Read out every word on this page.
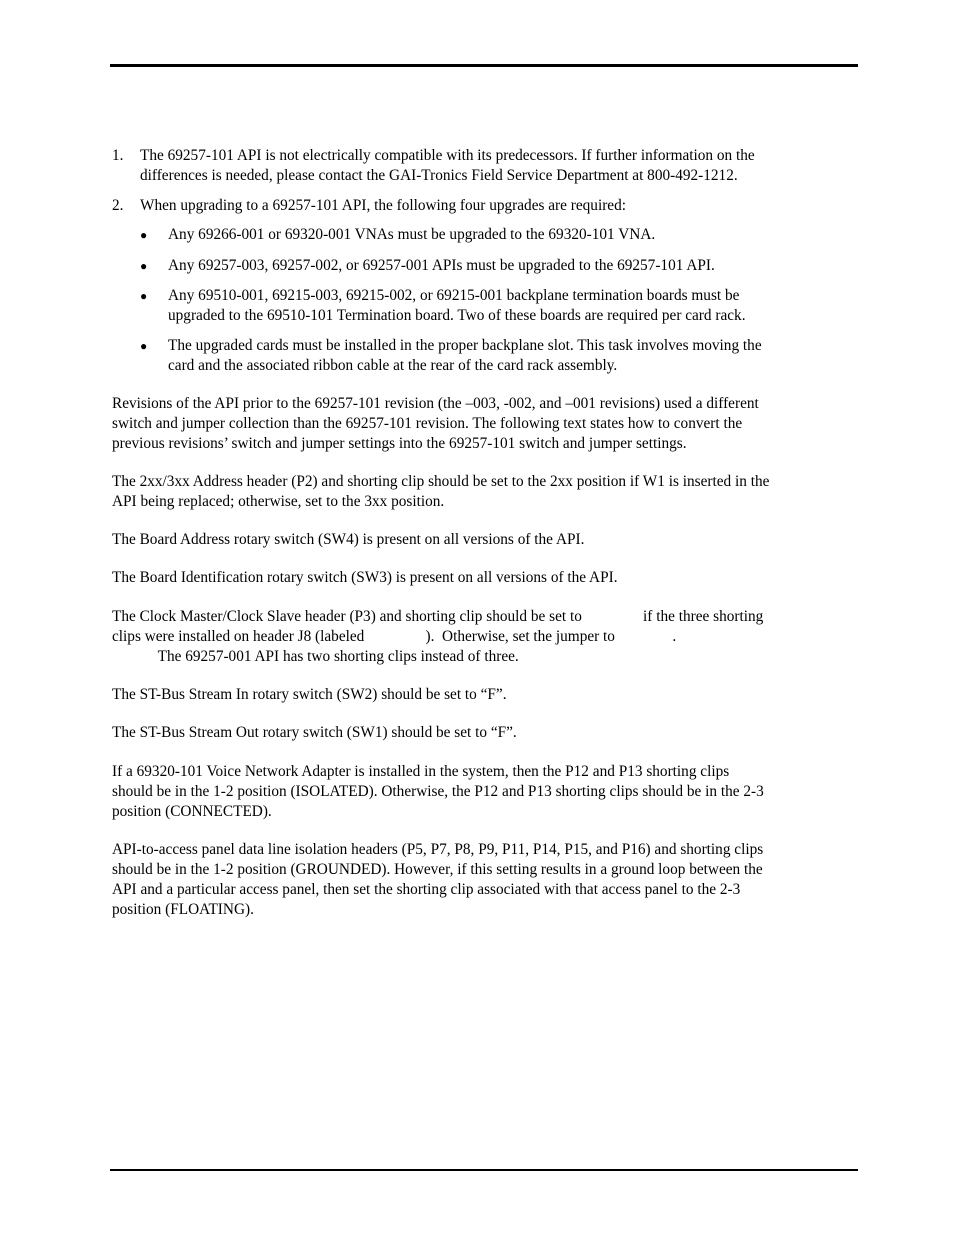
1. The 69257-101 API is not electrically compatible with its predecessors. If further information on the
differences is needed, please contact the GAI-Tronics Field Service Department at 800-492-1212.
2. When upgrading to a 69257-101 API, the following four upgrades are required:
● Any 69266-001 or 69320-001 VNAs must be upgraded to the 69320-101 VNA.
● Any 69257-003, 69257-002, or 69257-001 APIs must be upgraded to the 69257-101 API.
● Any 69510-001, 69215-003, 69215-002, or 69215-001 backplane termination boards must be
upgraded to the 69510-101 Termination board. Two of these boards are required per card rack.
● The upgraded cards must be installed in the proper backplane slot. This task involves moving the
card and the associated ribbon cable at the rear of the card rack assembly.
Revisions of the API prior to the 69257-101 revision (the –003, -002, and –001 revisions) used a different
switch and jumper collection than the 69257-101 revision. The following text states how to convert the
previous revisions’ switch and jumper settings into the 69257-101 switch and jumper settings.
The 2xx/3xx Address header (P2) and shorting clip should be set to the 2xx position if W1 is inserted in the
API being replaced; otherwise, set to the 3xx position.
The Board Address rotary switch (SW4) is present on all versions of the API.
The Board Identification rotary switch (SW3) is present on all versions of the API.
The Clock Master/Clock Slave header (P3) and shorting clip should be set to                if the three shorting
clips were installed on header J8 (labeled                ).  Otherwise, set the jumper to               .
The 69257-001 API has two shorting clips instead of three.
The ST-Bus Stream In rotary switch (SW2) should be set to “F”.
The ST-Bus Stream Out rotary switch (SW1) should be set to “F”.
If a 69320-101 Voice Network Adapter is installed in the system, then the P12 and P13 shorting clips
should be in the 1-2 position (ISOLATED). Otherwise, the P12 and P13 shorting clips should be in the 2-3
position (CONNECTED).
API-to-access panel data line isolation headers (P5, P7, P8, P9, P11, P14, P15, and P16) and shorting clips
should be in the 1-2 position (GROUNDED). However, if this setting results in a ground loop between the
API and a particular access panel, then set the shorting clip associated with that access panel to the 2-3
position (FLOATING).
